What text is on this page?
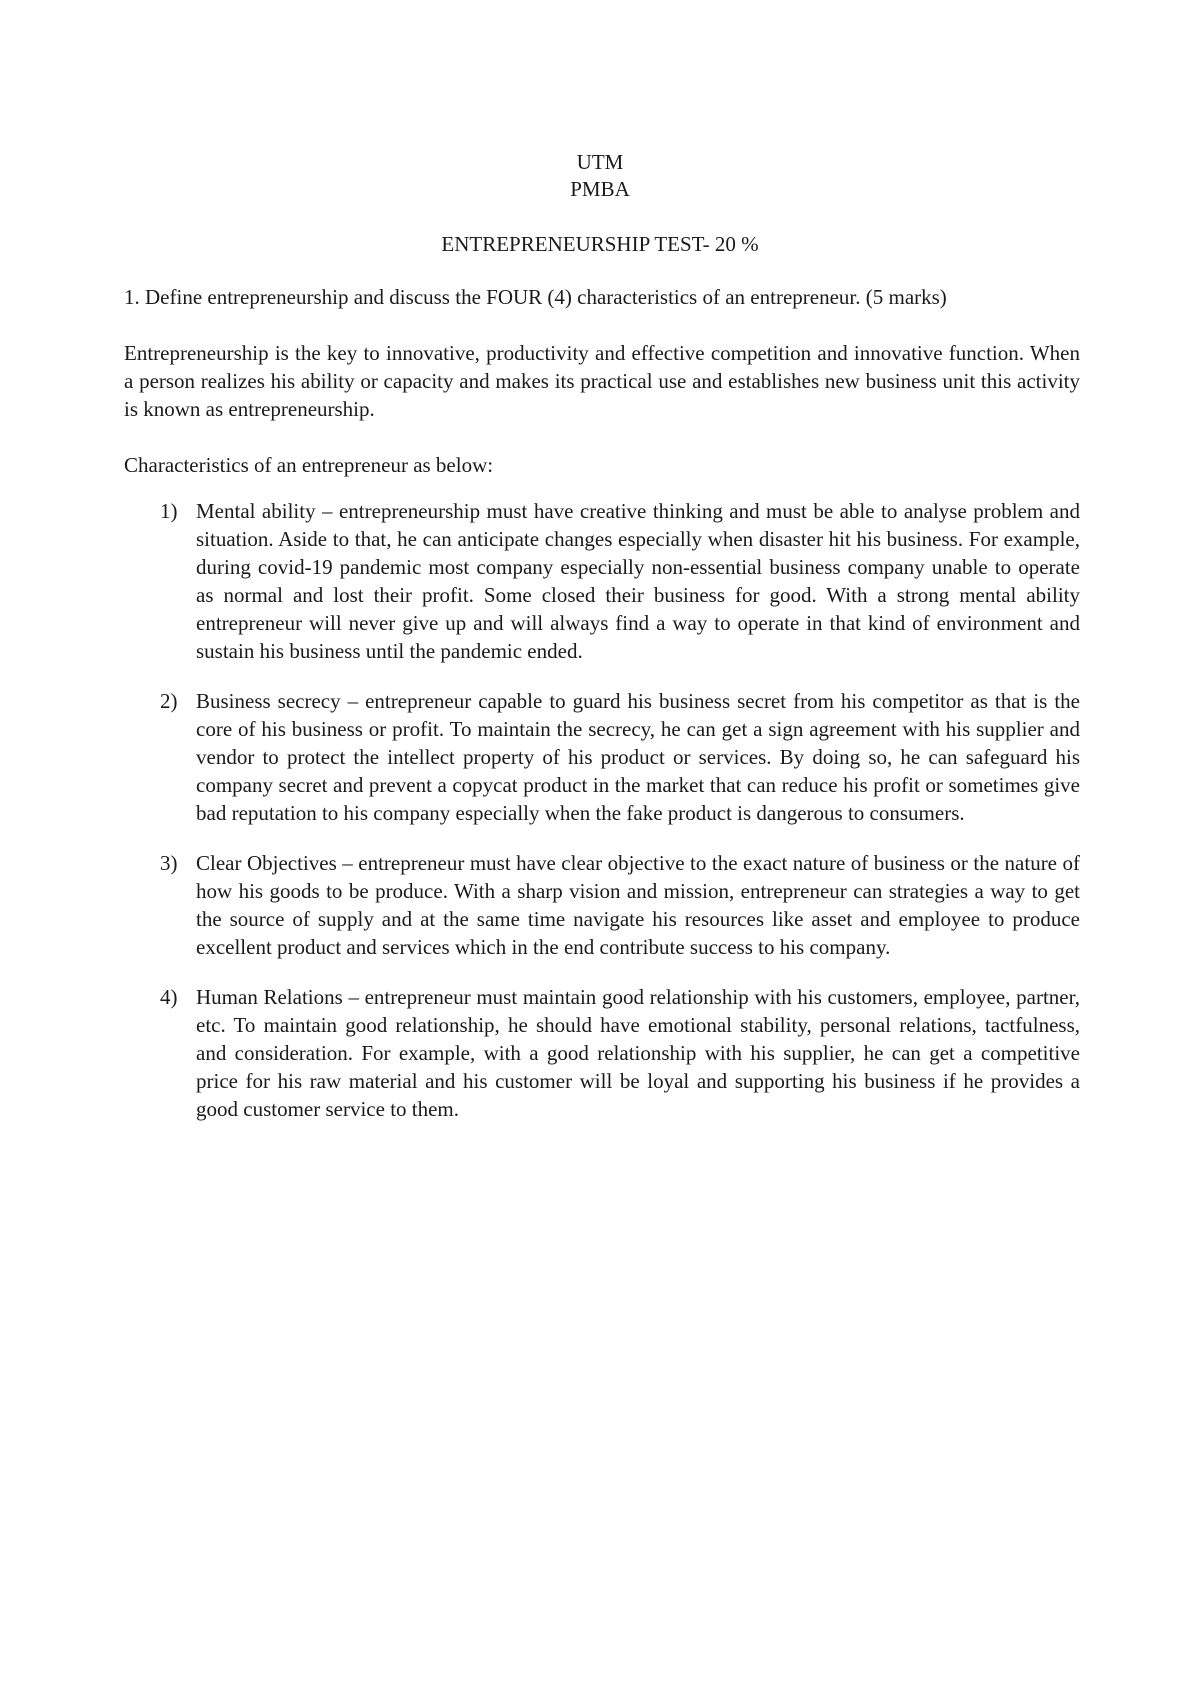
UTM
PMBA
ENTREPRENEURSHIP TEST- 20 %

1. Define entrepreneurship and discuss the FOUR (4) characteristics of an entrepreneur. (5 marks)

Entrepreneurship is the key to innovative, productivity and effective competition and innovative function. When a person realizes his ability or capacity and makes its practical use and establishes new business unit this activity is known as entrepreneurship.

Characteristics of an entrepreneur as below:

1) Mental ability – entrepreneurship must have creative thinking and must be able to analyse problem and situation. Aside to that, he can anticipate changes especially when disaster hit his business. For example, during covid-19 pandemic most company especially non-essential business company unable to operate as normal and lost their profit. Some closed their business for good. With a strong mental ability entrepreneur will never give up and will always find a way to operate in that kind of environment and sustain his business until the pandemic ended.
2) Business secrecy – entrepreneur capable to guard his business secret from his competitor as that is the core of his business or profit. To maintain the secrecy, he can get a sign agreement with his supplier and vendor to protect the intellect property of his product or services. By doing so, he can safeguard his company secret and prevent a copycat product in the market that can reduce his profit or sometimes give bad reputation to his company especially when the fake product is dangerous to consumers.
3) Clear Objectives – entrepreneur must have clear objective to the exact nature of business or the nature of how his goods to be produce. With a sharp vision and mission, entrepreneur can strategies a way to get the source of supply and at the same time navigate his resources like asset and employee to produce excellent product and services which in the end contribute success to his company.
4) Human Relations – entrepreneur must maintain good relationship with his customers, employee, partner, etc. To maintain good relationship, he should have emotional stability, personal relations, tactfulness, and consideration. For example, with a good relationship with his supplier, he can get a competitive price for his raw material and his customer will be loyal and supporting his business if he provides a good customer service to them.
